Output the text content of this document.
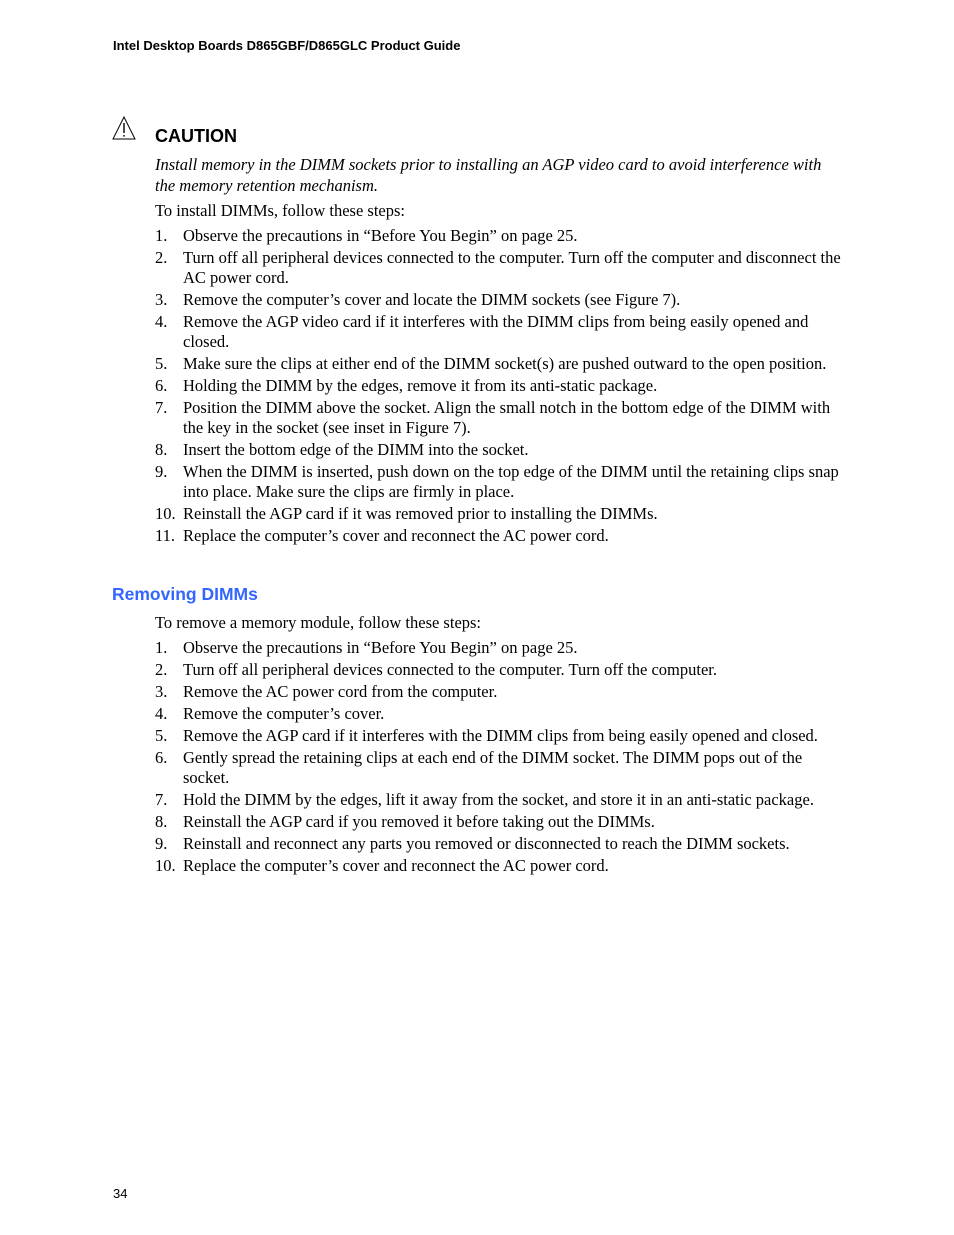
Intel Desktop Boards D865GBF/D865GLC Product Guide
CAUTION
Install memory in the DIMM sockets prior to installing an AGP video card to avoid interference with the memory retention mechanism.
To install DIMMs, follow these steps:
1. Observe the precautions in “Before You Begin” on page 25.
2. Turn off all peripheral devices connected to the computer. Turn off the computer and disconnect the AC power cord.
3. Remove the computer’s cover and locate the DIMM sockets (see Figure 7).
4. Remove the AGP video card if it interferes with the DIMM clips from being easily opened and closed.
5. Make sure the clips at either end of the DIMM socket(s) are pushed outward to the open position.
6. Holding the DIMM by the edges, remove it from its anti-static package.
7. Position the DIMM above the socket. Align the small notch in the bottom edge of the DIMM with the key in the socket (see inset in Figure 7).
8. Insert the bottom edge of the DIMM into the socket.
9. When the DIMM is inserted, push down on the top edge of the DIMM until the retaining clips snap into place. Make sure the clips are firmly in place.
10. Reinstall the AGP card if it was removed prior to installing the DIMMs.
11. Replace the computer’s cover and reconnect the AC power cord.
Removing DIMMs
To remove a memory module, follow these steps:
1. Observe the precautions in “Before You Begin” on page 25.
2. Turn off all peripheral devices connected to the computer. Turn off the computer.
3. Remove the AC power cord from the computer.
4. Remove the computer’s cover.
5. Remove the AGP card if it interferes with the DIMM clips from being easily opened and closed.
6. Gently spread the retaining clips at each end of the DIMM socket. The DIMM pops out of the socket.
7. Hold the DIMM by the edges, lift it away from the socket, and store it in an anti-static package.
8. Reinstall the AGP card if you removed it before taking out the DIMMs.
9. Reinstall and reconnect any parts you removed or disconnected to reach the DIMM sockets.
10. Replace the computer’s cover and reconnect the AC power cord.
34
